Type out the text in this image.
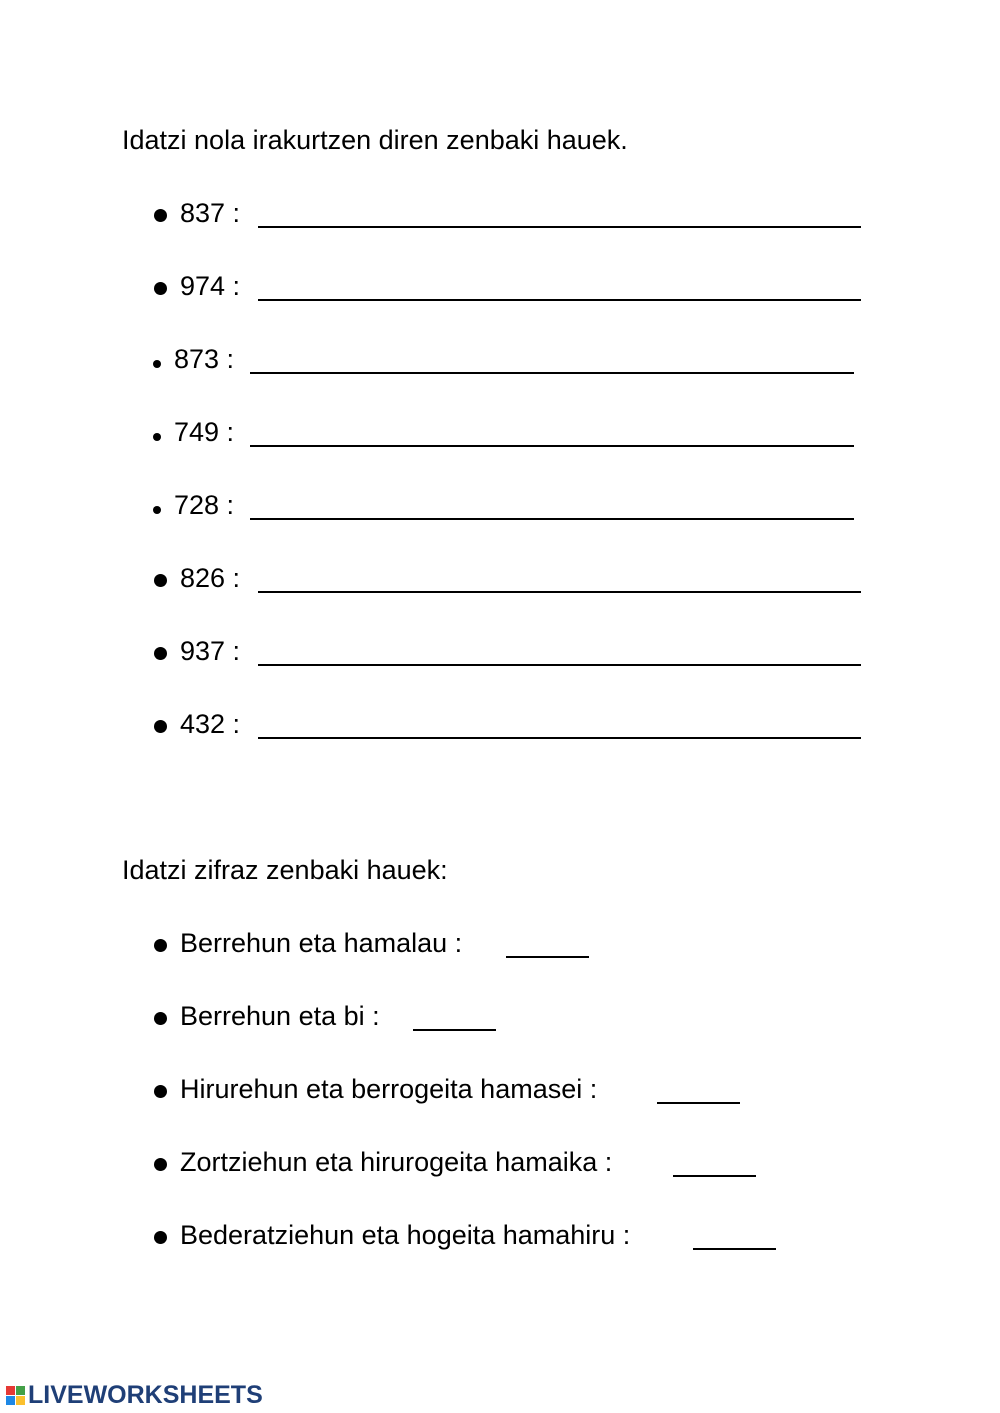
Idatzi nola irakurtzen diren zenbaki hauek.
837 :
974 :
873 :
749 :
728 :
826 :
937 :
432 :
Idatzi zifraz zenbaki hauek:
Berrehun eta hamalau :
Berrehun eta bi :
Hirurehun eta berrogeita hamasei :
Zortziehun eta hirurogeita hamaika :
Bederatziehun eta hogeita hamahiru :
LIVEWORKSHEETS
